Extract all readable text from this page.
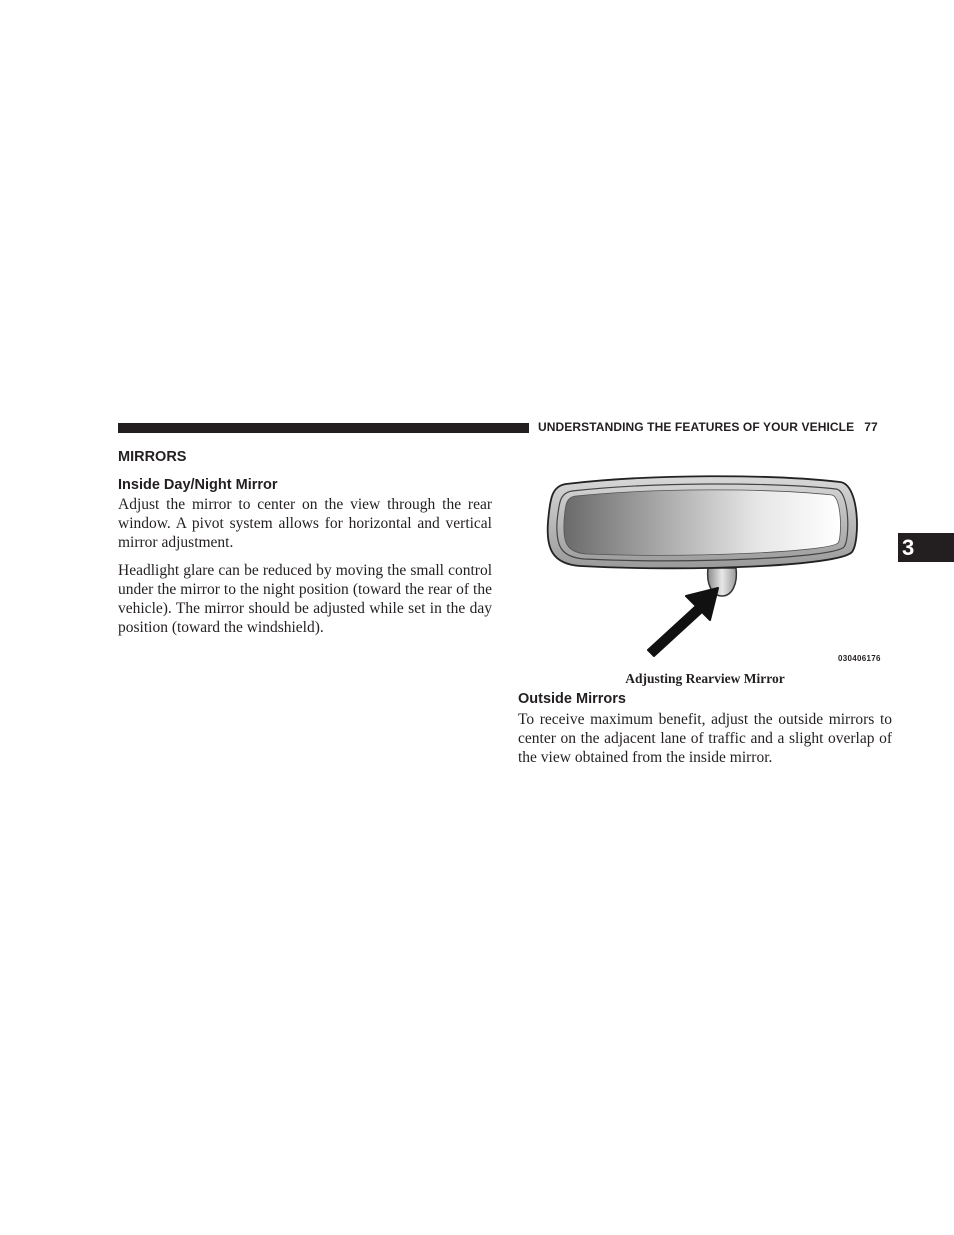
UNDERSTANDING THE FEATURES OF YOUR VEHICLE 77
MIRRORS
Inside Day/Night Mirror

Adjust the mirror to center on the view through the rear window. A pivot system allows for horizontal and vertical mirror adjustment.

Headlight glare can be reduced by moving the small control under the mirror to the night position (toward the rear of the vehicle). The mirror should be adjusted while set in the day position (toward the windshield).

030406176
Adjusting Rearview Mirror
Outside Mirrors

To receive maximum benefit, adjust the outside mirrors to center on the adjacent lane of traffic and a slight overlap of the view obtained from the inside mirror.

3
